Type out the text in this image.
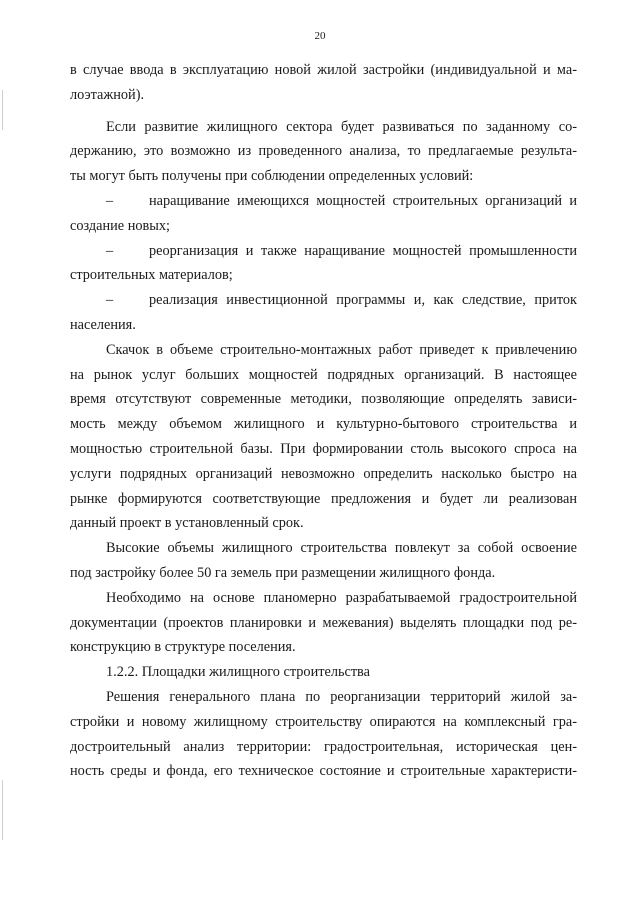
20
в случае ввода в эксплуатацию новой жилой застройки (индивидуальной и ма-
лоэтажной).
Если развитие жилищного сектора будет развиваться по заданному со-
держанию, это возможно из проведенного анализа, то предлагаемые результа-
ты могут быть получены при соблюдении определенных условий:
–	наращивание имеющихся мощностей строительных организаций и
создание новых;
–	реорганизация и также наращивание мощностей промышленности
строительных материалов;
–	реализация инвестиционной программы и, как следствие, приток
населения.
Скачок в объеме строительно-монтажных работ приведет к привлечению
на рынок услуг больших мощностей подрядных организаций. В настоящее
время отсутствуют современные методики, позволяющие определять зависи-
мость между объемом жилищного и культурно-бытового строительства и
мощностью строительной базы. При формировании столь высокого спроса на
услуги подрядных организаций невозможно определить насколько быстро на
рынке формируются соответствующие предложения и будет ли реализован
данный проект в установленный срок.
Высокие объемы жилищного строительства повлекут за собой освоение
под застройку более 50 га земель при размещении жилищного фонда.
Необходимо на основе планомерно разрабатываемой градостроительной
документации (проектов планировки и межевания) выделять площадки под ре-
конструкцию в структуре поселения.
1.2.2. Площадки жилищного строительства
Решения генерального плана по реорганизации территорий жилой за-
стройки и новому жилищному строительству опираются на комплексный гра-
достроительный анализ территории: градостроительная, историческая цен-
ность среды и фонда, его техническое состояние и строительные характеристи-
